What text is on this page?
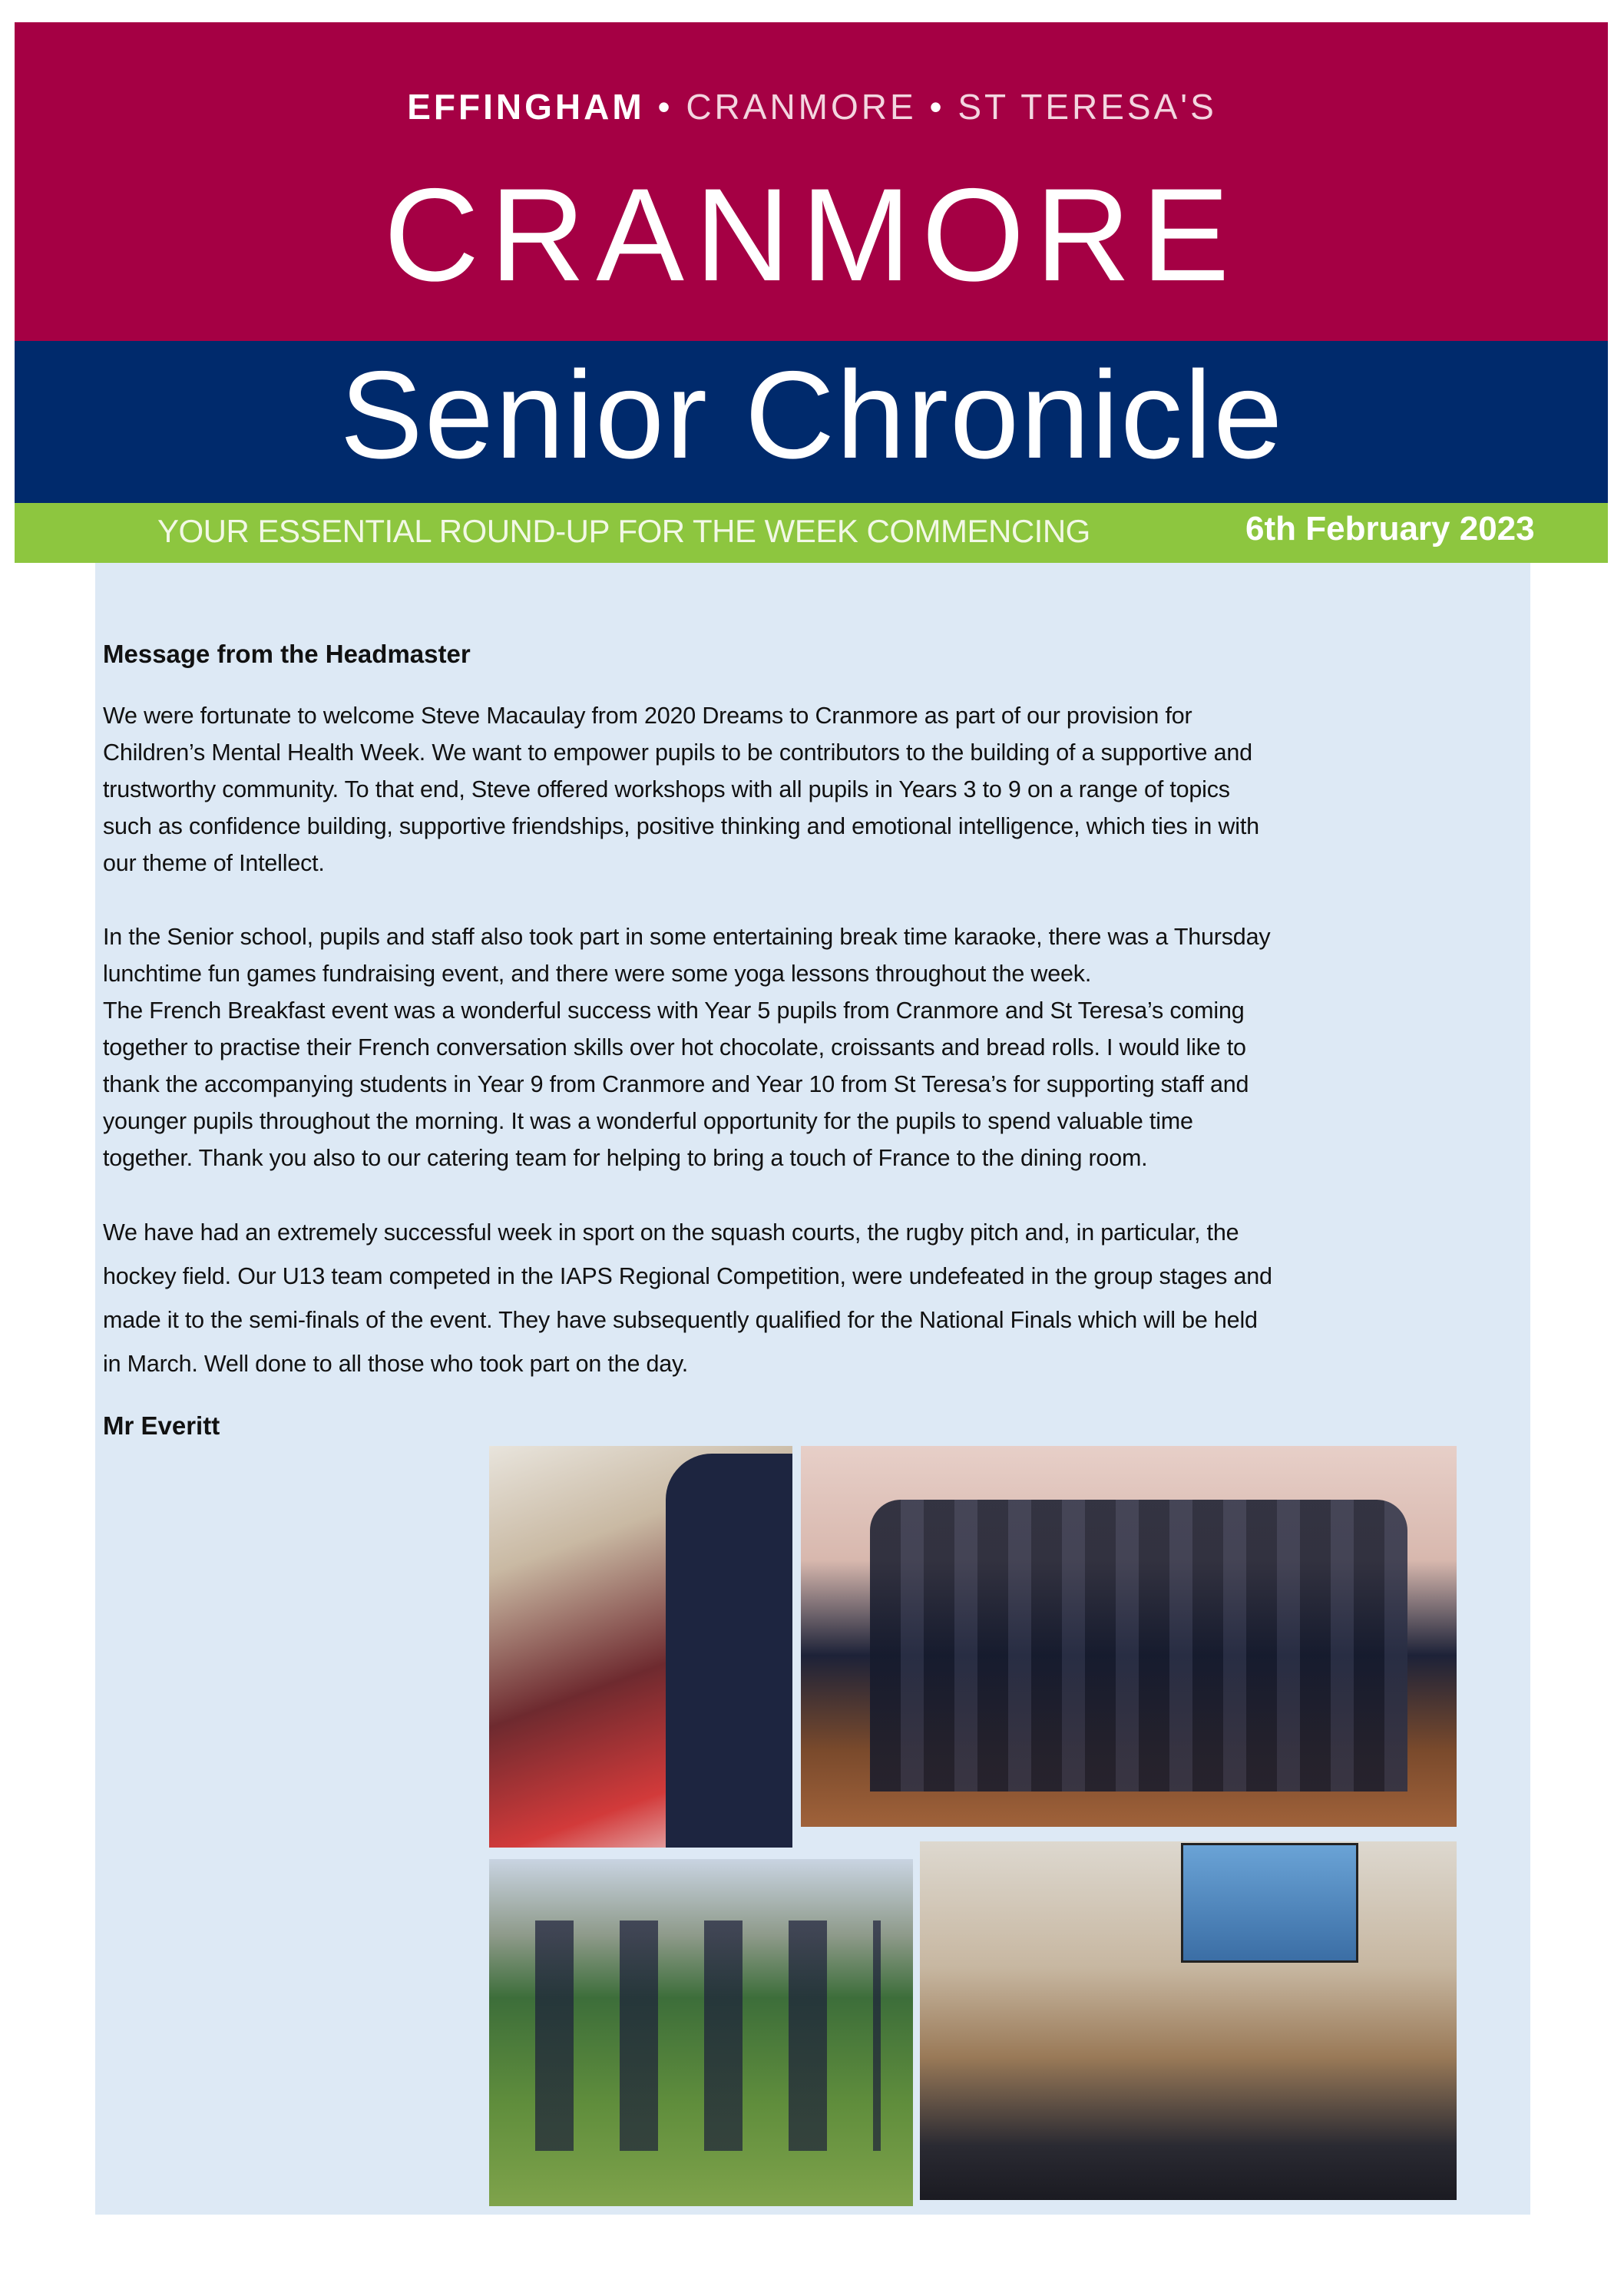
EFFINGHAM • CRANMORE • ST TERESA'S
CRANMORE
Senior Chronicle
YOUR ESSENTIAL ROUND-UP FOR THE WEEK COMMENCING	6th February 2023
Message from the Headmaster
We were fortunate to welcome Steve Macaulay from 2020 Dreams to Cranmore as part of our provision for
Children’s Mental Health Week. We want to empower pupils to be contributors to the building of a supportive and
trustworthy community. To that end, Steve offered workshops with all pupils in Years 3 to 9 on a range of topics
such as confidence building, supportive friendships, positive thinking and emotional intelligence, which ties in with
our theme of Intellect.
In the Senior school, pupils and staff also took part in some entertaining break time karaoke, there was a Thursday
lunchtime fun games fundraising event, and there were some yoga lessons throughout the week.
The French Breakfast event was a wonderful success with Year 5 pupils from Cranmore and St Teresa’s coming
together to practise their French conversation skills over hot chocolate, croissants and bread rolls. I would like to
thank the accompanying students in Year 9 from Cranmore and Year 10 from St Teresa’s for supporting staff and
younger pupils throughout the morning. It was a wonderful opportunity for the pupils to spend valuable time
together. Thank you also to our catering team for helping to bring a touch of France to the dining room.
We have had an extremely successful week in sport on the squash courts, the rugby pitch and, in particular, the
hockey field. Our U13 team competed in the IAPS Regional Competition, were undefeated in the group stages and
made it to the semi-finals of the event. They have subsequently qualified for the National Finals which will be held
in March. Well done to all those who took part on the day.
Mr Everitt
